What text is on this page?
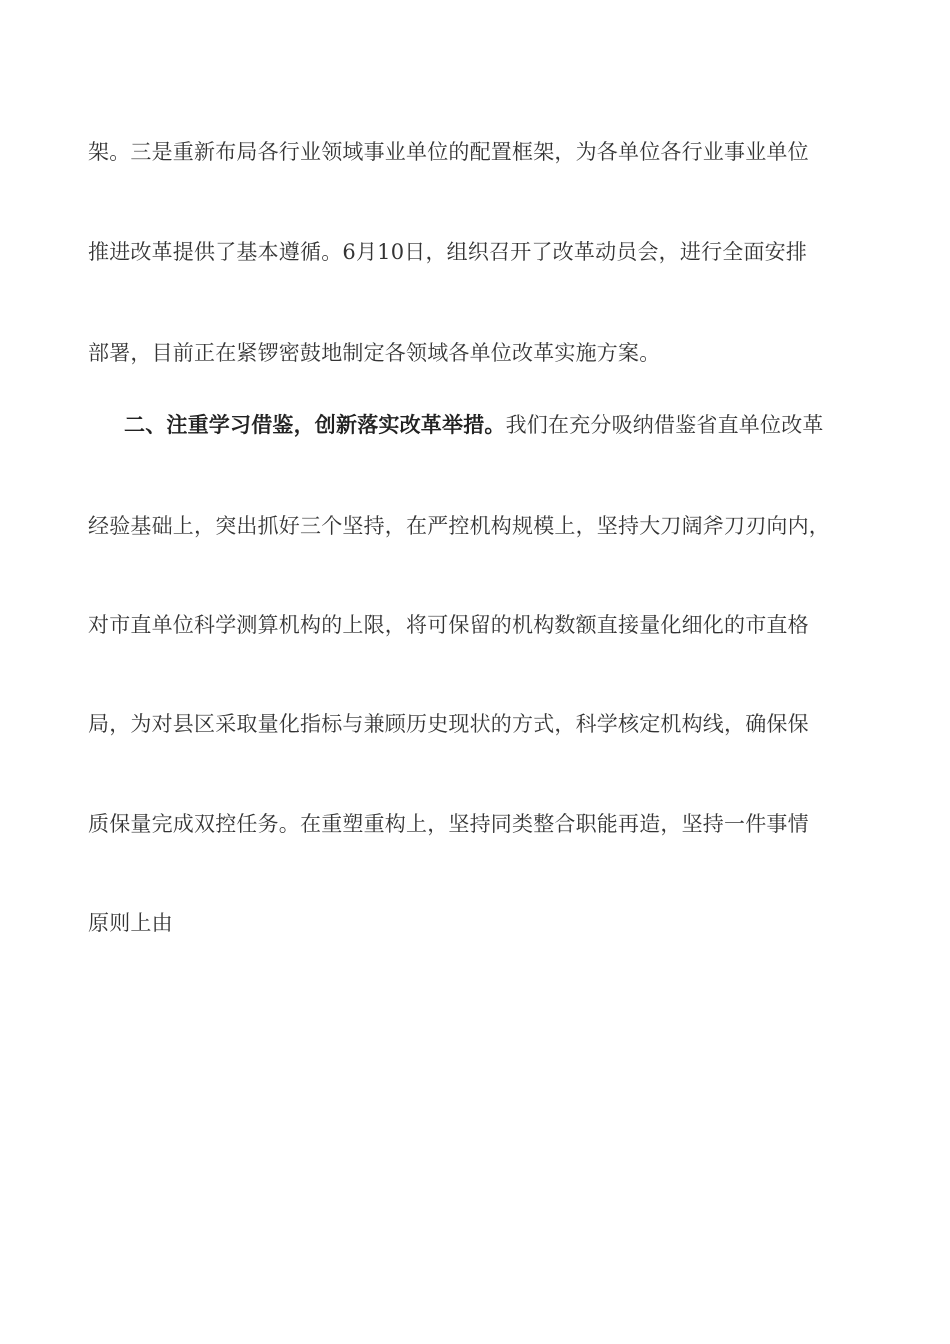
架。三是重新布局各行业领域事业单位的配置框架，为各单位各行业事业单位
推进改革提供了基本遵循。6月10日，组织召开了改革动员会，进行全面安排
部署，目前正在紧锣密鼓地制定各领域各单位改革实施方案。
二、注重学习借鉴，创新落实改革举措。我们在充分吸纳借鉴省直单位改革
经验基础上，突出抓好三个坚持，在严控机构规模上，坚持大刀阔斧刀刃向内，
对市直单位科学测算机构的上限，将可保留的机构数额直接量化细化的市直格
局，为对县区采取量化指标与兼顾历史现状的方式，科学核定机构线，确保保
质保量完成双控任务。在重塑重构上，坚持同类整合职能再造，坚持一件事情
原则上由
